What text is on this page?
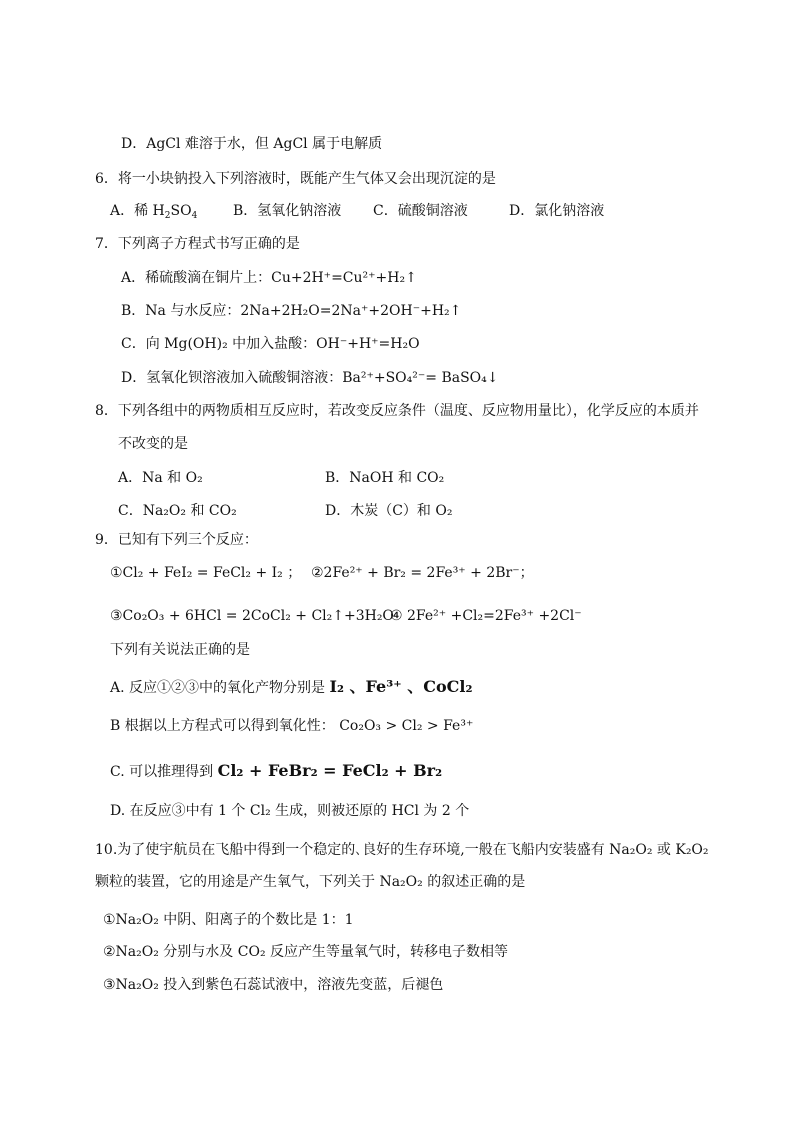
D．AgCl 难溶于水，但 AgCl 属于电解质
6．将一小块钠投入下列溶液时，既能产生气体又会出现沉淀的是
A．稀 $H_2SO_4$	B．氢氧化钠溶液 C．硫酸铜溶液	D．氯化钠溶液
7．下列离子方程式书写正确的是
A．稀硫酸滴在铜片上：Cu+2H⁺=Cu²⁺+H₂↑
B．Na 与水反应：2Na+2H₂O=2Na⁺+2OH⁻+H₂↑
C．向 Mg(OH)₂ 中加入盐酸：OH⁻+H⁺=H₂O
D．氢氧化钡溶液加入硫酸铜溶液：Ba²⁺+SO₄²⁻= BaSO₄↓
8．下列各组中的两物质相互反应时，若改变反应条件（温度、反应物用量比），化学反应的本质并
不改变的是
A．Na 和 O₂	B．NaOH 和 CO₂
C．Na₂O₂ 和 CO₂	D．木炭（C）和 O₂
9．已知有下列三个反应：
①Cl₂ + FeI₂ = FeCl₂ + I₂ ； ②2Fe²⁺ + Br₂ = 2Fe³⁺ + 2Br⁻；
③Co₂O₃ + 6HCl = 2CoCl₂ + Cl₂↑+3H₂O
④ 2Fe²⁺ +Cl₂=2Fe³⁺ +2Cl⁻
下列有关说法正确的是
A. 反应①②③中的氧化产物分别是 I₂ 、Fe³⁺ 、CoCl₂
B 根据以上方程式可以得到氧化性： Co₂O₃ > Cl₂ > Fe³⁺
C. 可以推理得到 Cl₂ + FeBr₂ = FeCl₂ + Br₂
D. 在反应③中有 1 个 Cl₂ 生成，则被还原的 HCl 为 2 个
10.为了使宇航员在飞船中得到一个稳定的､良好的生存环境,一般在飞船内安装盛有 Na₂O₂ 或 K₂O₂
颗粒的装置，它的用途是产生氧气，下列关于 Na₂O₂ 的叙述正确的是
①Na₂O₂ 中阴、阳离子的个数比是 1：1
②Na₂O₂ 分别与水及 CO₂ 反应产生等量氧气时，转移电子数相等
③Na₂O₂ 投入到紫色石蕊试液中，溶液先变蓝，后褪色
